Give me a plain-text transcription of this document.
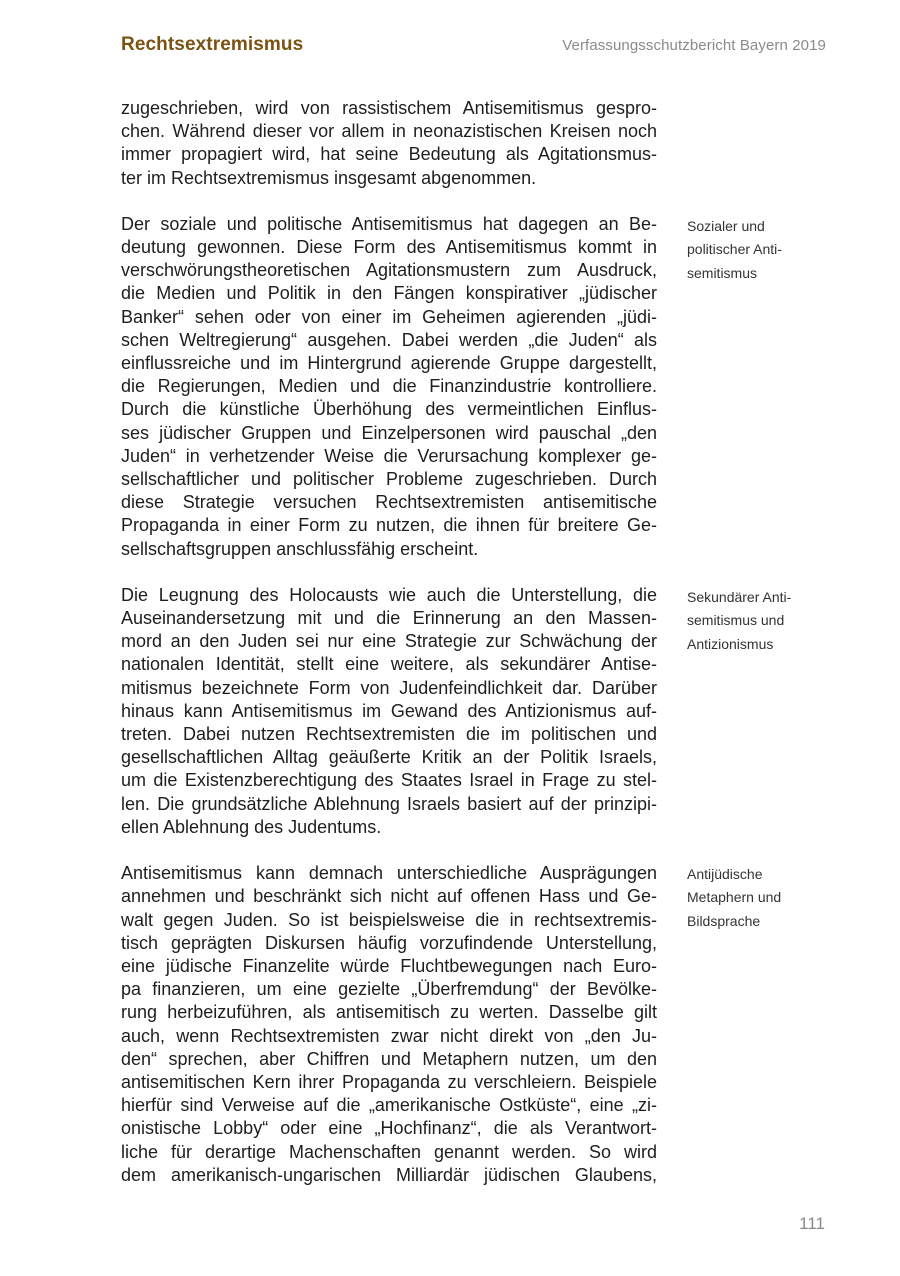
Rechtsextremismus	Verfassungsschutzbericht Bayern 2019

zugeschrieben, wird von rassistischem Antisemitismus gespro-
chen. Während dieser vor allem in neonazistischen Kreisen noch
immer propagiert wird, hat seine Bedeutung als Agitationsmus-
ter im Rechtsextremismus insgesamt abgenommen.

Der soziale und politische Antisemitismus hat dagegen an Be-
deutung gewonnen. Diese Form des Antisemitismus kommt in
verschwörungstheoretischen Agitationsmustern zum Ausdruck,
die Medien und Politik in den Fängen konspirativer „jüdischer
Banker“ sehen oder von einer im Geheimen agierenden „jüdi-
schen Weltregierung“ ausgehen. Dabei werden „die Juden“ als
einflussreiche und im Hintergrund agierende Gruppe dargestellt,
die Regierungen, Medien und die Finanzindustrie kontrolliere.
Durch die künstliche Überhöhung des vermeintlichen Einflus-
ses jüdischer Gruppen und Einzelpersonen wird pauschal „den
Juden“ in verhetzender Weise die Verursachung komplexer ge-
sellschaftlicher und politischer Probleme zugeschrieben. Durch
diese Strategie versuchen Rechtsextremisten antisemitische
Propaganda in einer Form zu nutzen, die ihnen für breitere Ge-
sellschaftsgruppen anschlussfähig erscheint.

Die Leugnung des Holocausts wie auch die Unterstellung, die
Auseinandersetzung mit und die Erinnerung an den Massen-
mord an den Juden sei nur eine Strategie zur Schwächung der
nationalen Identität, stellt eine weitere, als sekundärer Antise-
mitismus bezeichnete Form von Judenfeindlichkeit dar. Darüber
hinaus kann Antisemitismus im Gewand des Antizionismus auf-
treten. Dabei nutzen Rechtsextremisten die im politischen und
gesellschaftlichen Alltag geäußerte Kritik an der Politik Israels,
um die Existenzberechtigung des Staates Israel in Frage zu stel-
len. Die grundsätzliche Ablehnung Israels basiert auf der prinzipi-
ellen Ablehnung des Judentums.

Antisemitismus kann demnach unterschiedliche Ausprägungen
annehmen und beschränkt sich nicht auf offenen Hass und Ge-
walt gegen Juden. So ist beispielsweise die in rechtsextremis-
tisch geprägten Diskursen häufig vorzufindende Unterstellung,
eine jüdische Finanzelite würde Fluchtbewegungen nach Euro-
pa finanzieren, um eine gezielte „Überfremdung“ der Bevölke-
rung herbeizuführen, als antisemitisch zu werten. Dasselbe gilt
auch, wenn Rechtsextremisten zwar nicht direkt von „den Ju-
den“ sprechen, aber Chiffren und Metaphern nutzen, um den
antisemitischen Kern ihrer Propaganda zu verschleiern. Beispiele
hierfür sind Verweise auf die „amerikanische Ostküste“, eine „zi-
onistische Lobby“ oder eine „Hochfinanz“, die als Verantwort-
liche für derartige Machenschaften genannt werden. So wird
dem amerikanisch-ungarischen Milliardär jüdischen Glaubens,

Sozialer und
politischer Anti-
semitismus
Sekundärer Anti-
semitismus und
Antizionismus
Antijüdische
Metaphern und
Bildsprache
111
